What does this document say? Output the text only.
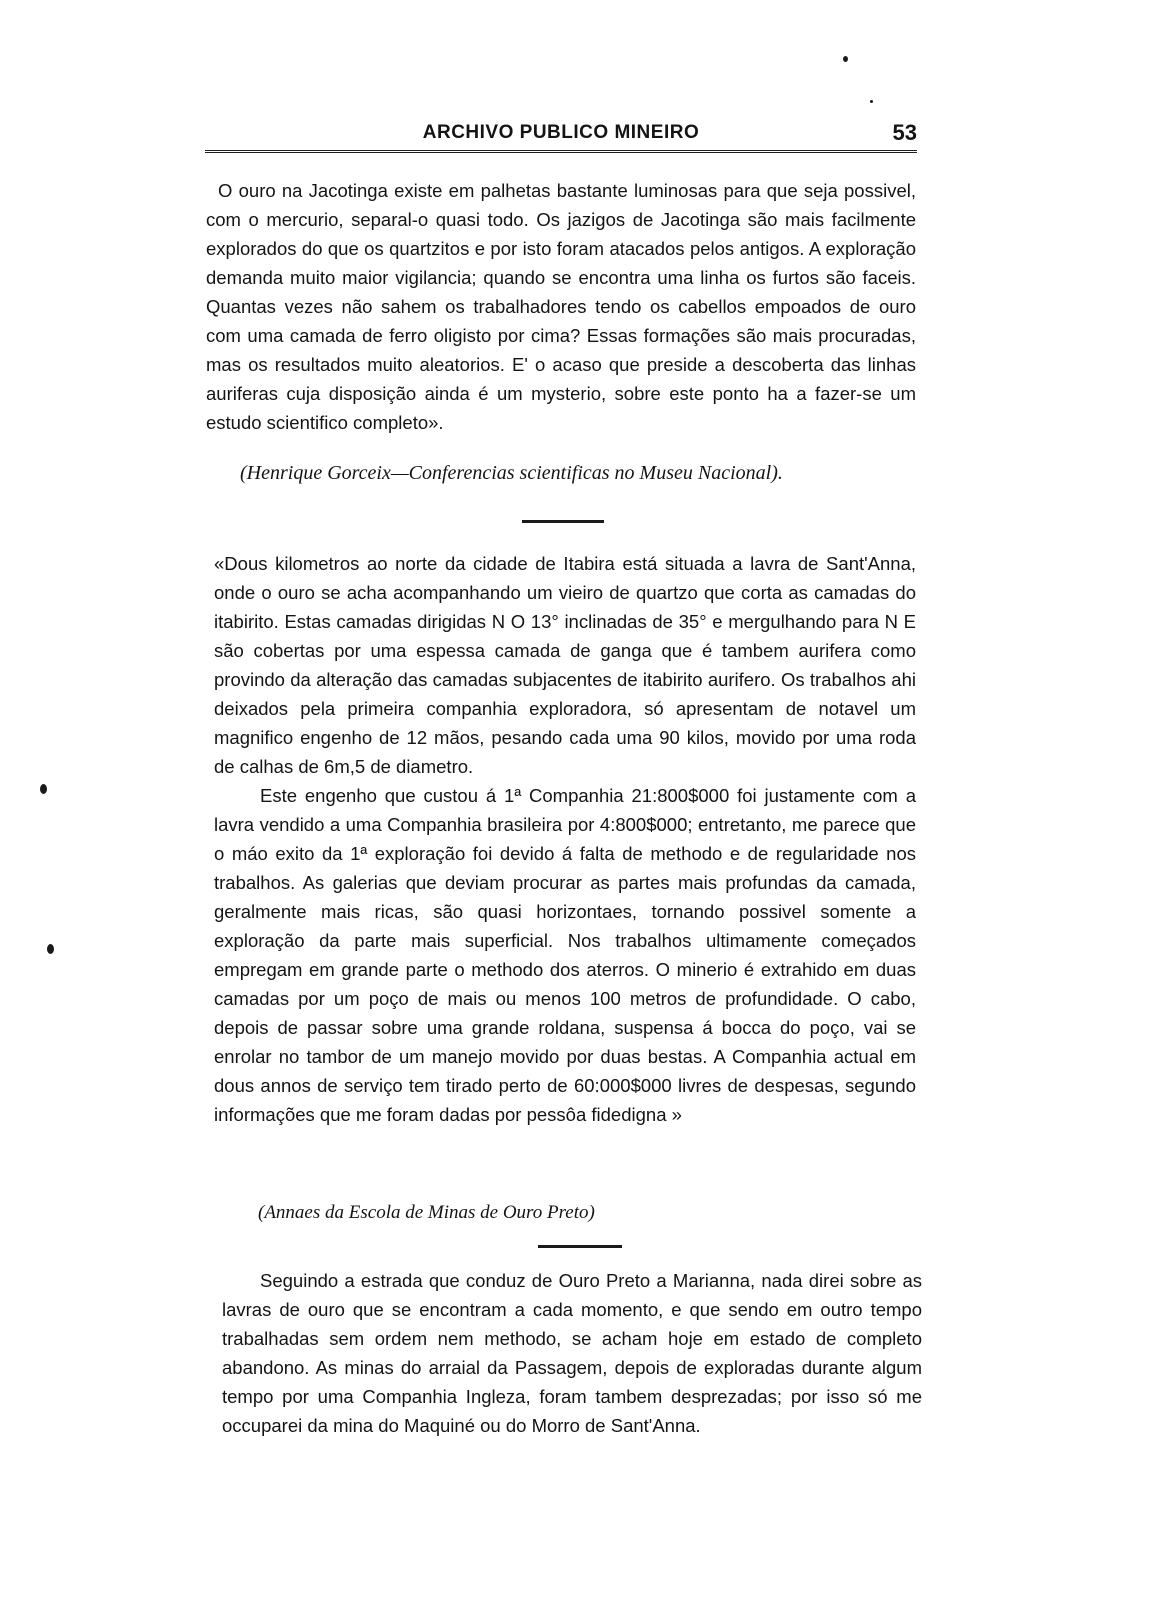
ARCHIVO PUBLICO MINEIRO	53

O ouro na Jacotinga existe em palhetas bastante luminosas para que seja possivel, com o mercurio, separal-o quasi todo. Os jazigos de Jacotinga são mais facilmente explorados do que os quartzitos e por isto foram atacados pelos antigos. A exploração demanda muito maior vigilancia; quando se encontra uma linha os furtos são faceis. Quantas vezes não sahem os trabalhadores tendo os cabellos empoados de ouro com uma camada de ferro oligisto por cima? Essas formações são mais procuradas, mas os resultados muito aleatorios. E' o acaso que preside a descoberta das linhas auriferas cuja disposição ainda é um mysterio, sobre este ponto ha a fazer-se um estudo scientifico completo».

(Henrique Gorceix—Conferencias scientificas no Museu Nacional).

«Dous kilometros ao norte da cidade de Itabira está situada a lavra de Sant'Anna, onde o ouro se acha acompanhando um vieiro de quartzo que corta as camadas do itabirito. Estas camadas dirigidas N O 13° inclinadas de 35° e mergulhando para N E são cobertas por uma espessa camada de ganga que é tambem aurifera como provindo da alteração das camadas subjacentes de itabirito aurifero. Os trabalhos ahi deixados pela primeira companhia exploradora, só apresentam de notavel um magnifico engenho de 12 mãos, pesando cada uma 90 kilos, movido por uma roda de calhas de 6m,5 de diametro.

Este engenho que custou á 1ª Companhia 21:800$000 foi justamente com a lavra vendido a uma Companhia brasileira por 4:800$000; entretanto, me parece que o máo exito da 1ª exploração foi devido á falta de methodo e de regularidade nos trabalhos. As galerias que deviam procurar as partes mais profundas da camada, geralmente mais ricas, são quasi horizontaes, tornando possivel somente a exploração da parte mais superficial. Nos trabalhos ultimamente começados empregam em grande parte o methodo dos aterros. O minerio é extrahido em duas camadas por um poço de mais ou menos 100 metros de profundidade. O cabo, depois de passar sobre uma grande roldana, suspensa á bocca do poço, vai se enrolar no tambor de um manejo movido por duas bestas. A Companhia actual em dous annos de serviço tem tirado perto de 60:000$000 livres de despesas, segundo informações que me foram dadas por pessôa fidedigna »

(Annaes da Escola de Minas de Ouro Preto)

Seguindo a estrada que conduz de Ouro Preto a Marianna, nada direi sobre as lavras de ouro que se encontram a cada momento, e que sendo em outro tempo trabalhadas sem ordem nem methodo, se acham hoje em estado de completo abandono. As minas do arraial da Passagem, depois de exploradas durante algum tempo por uma Companhia Ingleza, foram tambem desprezadas; por isso só me occuparei da mina do Maquiné ou do Morro de Sant'Anna.
